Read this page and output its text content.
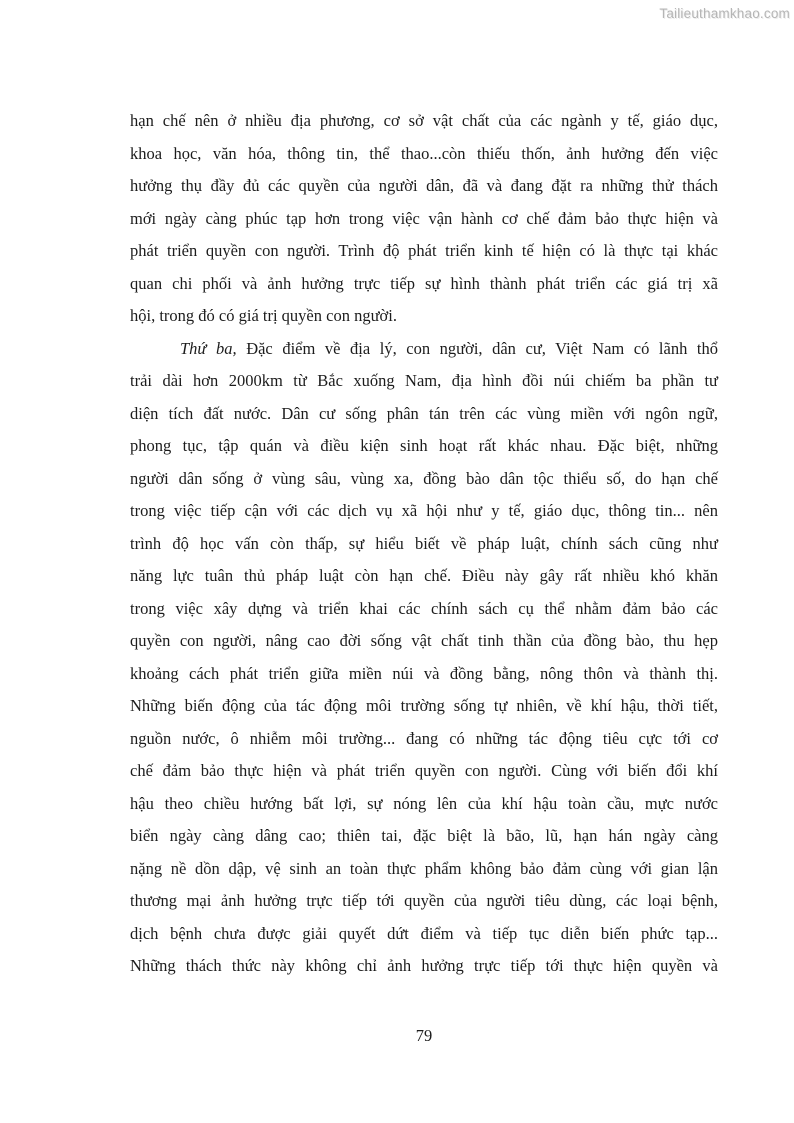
Tailieuthamkhao.com

hạn chế nên ở nhiều địa phương, cơ sở vật chất của các ngành y tế, giáo dục,

khoa học, văn hóa, thông tin, thể thao...còn thiếu thốn, ảnh hưởng đến việc

hưởng thụ đầy đủ các quyền của người dân, đã và đang đặt ra những thử thách

mới ngày càng phúc tạp hơn trong việc vận hành cơ chế đảm bảo thực hiện và

phát triển quyền con người. Trình độ phát triển kinh tế hiện có là thực tại khác

quan chi phối và ảnh hưởng trực tiếp sự hình thành phát triển các giá trị xã

hội, trong đó có giá trị quyền con người.

Thứ ba, Đặc điểm về địa lý, con người, dân cư, Việt Nam có lãnh thổ

trải dài hơn 2000km từ Bắc xuống Nam, địa hình đồi núi chiếm ba phần tư

diện tích đất nước. Dân cư sống phân tán trên các vùng miền với ngôn ngữ,

phong tục, tập quán và điều kiện sinh hoạt rất khác nhau. Đặc biệt, những

người dân sống ở vùng sâu, vùng xa, đồng bào dân tộc thiểu số, do hạn chế

trong việc tiếp cận với các dịch vụ xã hội như y tế, giáo dục, thông tin... nên

trình độ học vấn còn thấp, sự hiểu biết về pháp luật, chính sách cũng như

năng lực tuân thủ pháp luật còn hạn chế. Điều này gây rất nhiều khó khăn

trong việc xây dựng và triển khai các chính sách cụ thể nhằm đảm bảo các

quyền con người, nâng cao đời sống vật chất tinh thần của đồng bào, thu hẹp

khoảng cách phát triển giữa miền núi và đồng bằng, nông thôn và thành thị.

Những biến động của tác động môi trường sống tự nhiên, về khí hậu, thời tiết,

nguồn nước, ô nhiễm môi trường... đang có những tác động tiêu cực tới cơ

chế đảm bảo thực hiện và phát triển quyền con người. Cùng với biến đổi khí

hậu theo chiều hướng bất lợi, sự nóng lên của khí hậu toàn cầu, mực nước

biển ngày càng dâng cao; thiên tai, đặc biệt là bão, lũ, hạn hán ngày càng

nặng nề dồn dập, vệ sinh an toàn thực phẩm không bảo đảm cùng với gian lận

thương mại ảnh hưởng trực tiếp tới quyền của người tiêu dùng, các loại bệnh,

dịch bệnh chưa được giải quyết dứt điểm và tiếp tục diễn biến phức tạp...

Những thách thức này không chỉ ảnh hưởng trực tiếp tới thực hiện quyền và

79
